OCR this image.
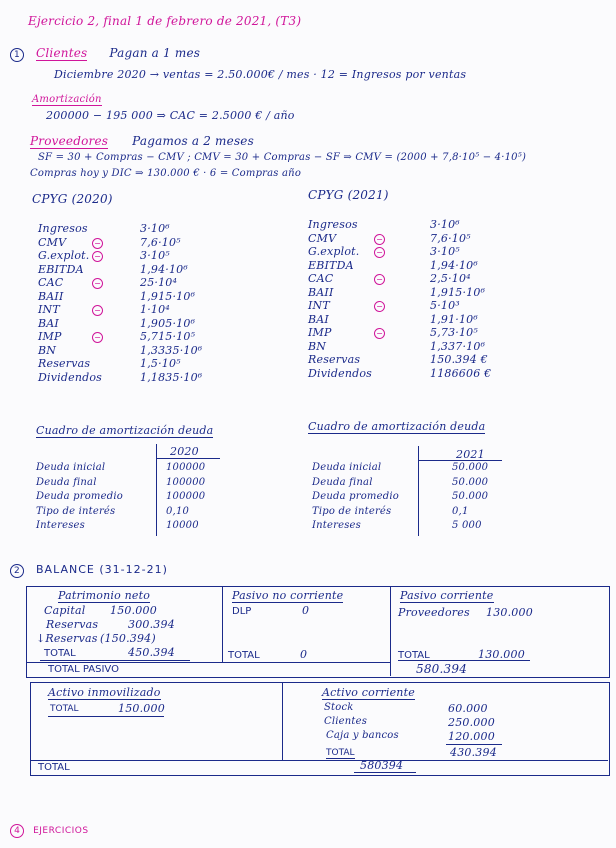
Ejercicio 2, final 1 de febrero de 2021, (T3)
1 Clientes Pagan a 1 mes
Diciembre 2020 → ventas = 2.50.000€ / mes · 12 = Ingresos por ventas
Amortización
200000 − 195 000 ⇒ CAC = 2.5000 € / año
Proveedores Pagamos a 2 meses
SF = 30 + Compras − CMV ; CMV = 30 + Compras − SF ⇒ CMV = (2000 + 7,8·10⁵ − 4·10⁵)
Compras hoy y DIC ⇒ 130.000 € · 6 = Compras año
CPYG (2020)
Ingresos	3·10⁶
CMV	−	7,6·10⁵
G.explot. −	3·10⁵
EBITDA	1,94·10⁶
CAC	−	25·10⁴
BAII	1,915·10⁶
INT	−	1·10⁴
BAI	1,905·10⁶
IMP	−	5,715·10⁵
BN	1,3335·10⁶
Reservas	1,5·10⁵
Dividendos	1,1835·10⁶
CPYG (2021)
Ingresos	3·10⁶
CMV	−	7,6·10⁵
G.explot. −	3·10⁵
EBITDA	1,94·10⁶
CAC	−	2,5·10⁴
BAII	1,915·10⁶
INT	−	5·10³
BAI	1,91·10⁶
IMP	−	5,73·10⁵
BN	1,337·10⁶
Reservas	150.394 €
Dividendos	1186606 €
Cuadro de amortización deuda
2020
Deuda inicial	100000
Deuda final	100000
Deuda promedio	100000
Tipo de interés	0,10
Intereses	10000
Cuadro de amortización deuda
2021
Deuda inicial	50.000
Deuda final	50.000
Deuda promedio	50.000
Tipo de interés	0,1
Intereses	5 000
2 BALANCE (31-12-21)
Patrimonio neto
Capital 150.000
Reservas	300.394
↓Reservas (150.394)
TOTAL	450.394
Pasivo no corriente
DLP	0
TOTAL	0
Pasivo corriente
Proveedores 130.000
TOTAL	130.000
TOTAL PASIVO	580.394
Activo inmovilizado
TOTAL	150.000
Activo corriente
Stock	60.000
Clientes	250.000
Caja y bancos	120.000
TOTAL	430.394
TOTAL	580394
4 EJERCICIOS
